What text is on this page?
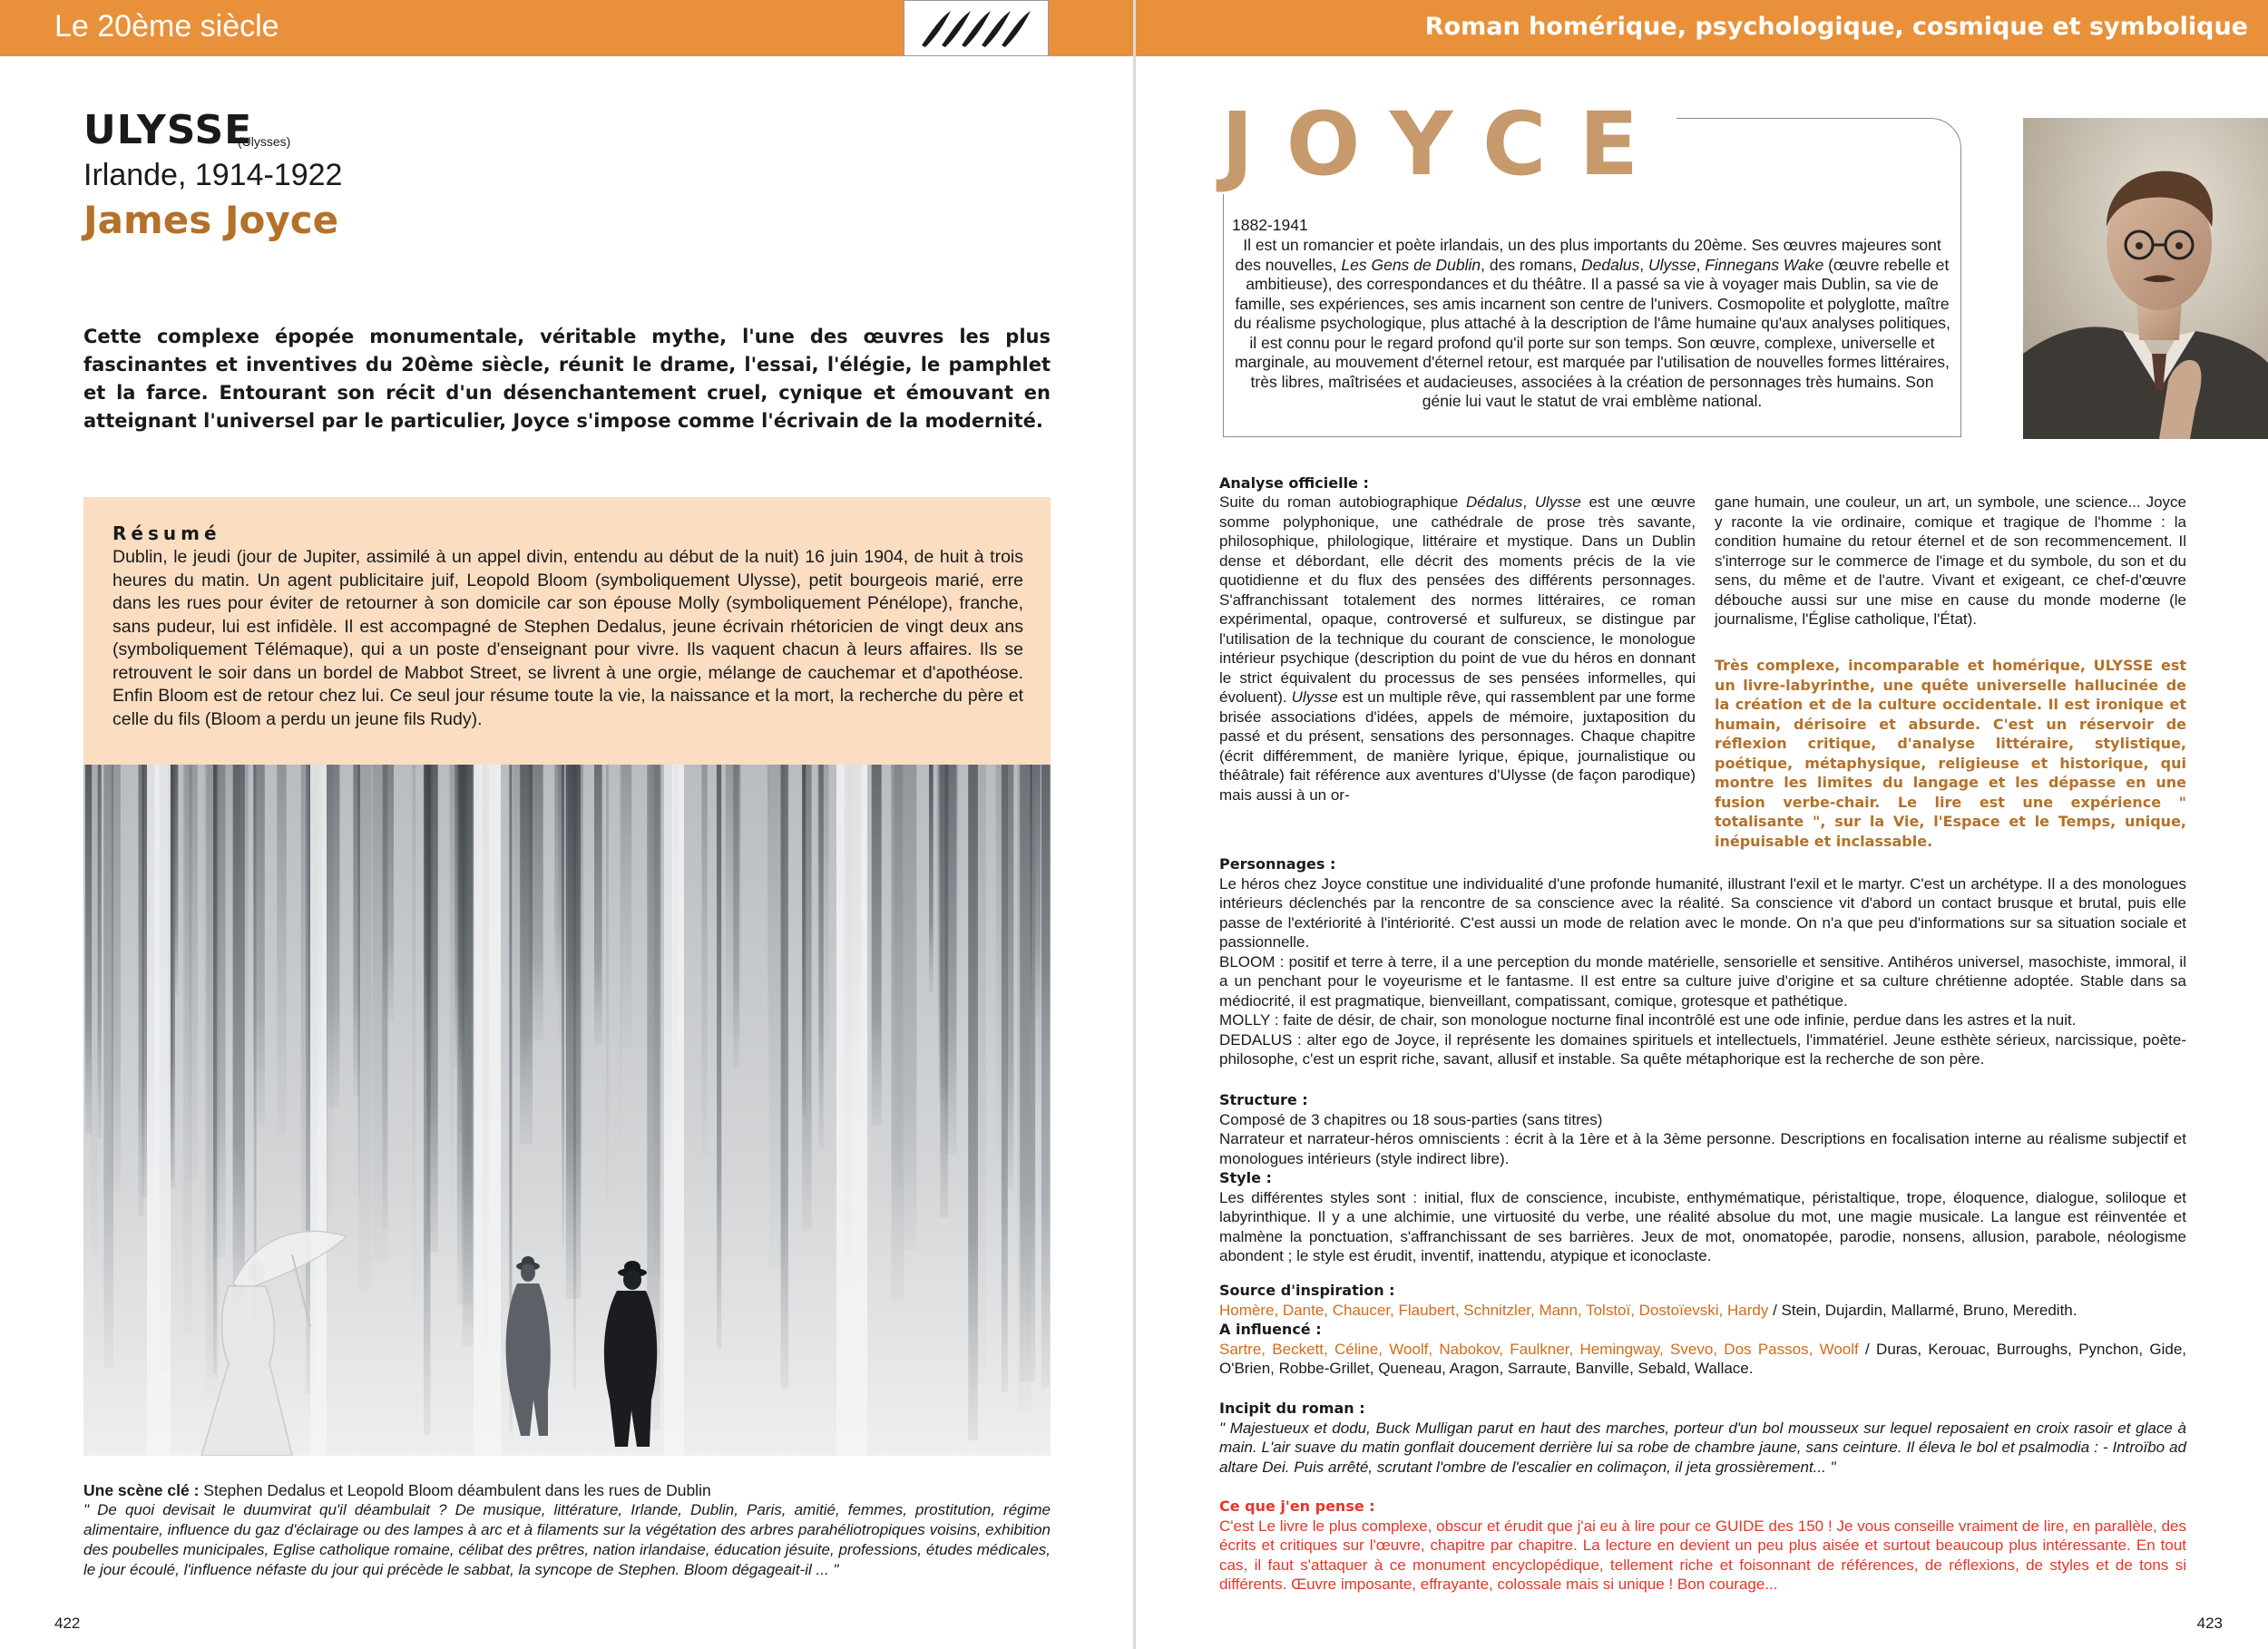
Le 20ème siècle
ULYSSE
(Ulysses)
Irlande, 1914-1922
James Joyce

Cette complexe épopée monumentale, véritable mythe, l'une des œuvres les plus fascinantes et inventives du 20ème siècle, réunit le drame, l'essai, l'élégie, le pamphlet et la farce. Entourant son récit d'un désenchantement cruel, cynique et émouvant en atteignant l'universel par le particulier, Joyce s'impose comme l'écrivain de la modernité.

Résumé

Dublin, le jeudi (jour de Jupiter, assimilé à un appel divin, entendu au début de la nuit) 16 juin 1904, de huit à trois heures du matin. Un agent publicitaire juif, Leopold Bloom (symboliquement Ulysse), petit bourgeois marié, erre dans les rues pour éviter de retourner à son domicile car son épouse Molly (symboliquement Pénélope), franche, sans pudeur, lui est infidèle. Il est accompagné de Stephen Dedalus, jeune écrivain rhétoricien de vingt deux ans (symboliquement Télémaque), qui a un poste d'enseignant pour vivre. Ils vaquent chacun à leurs affaires. Ils se retrouvent le soir dans un bordel de Mabbot Street, se livrent à une orgie, mélange de cauchemar et d'apothéose. Enfin Bloom est de retour chez lui. Ce seul jour résume toute la vie, la naissance et la mort, la recherche du père et celle du fils (Bloom a perdu un jeune fils Rudy).

Une scène clé : Stephen Dedalus et Leopold Bloom déambulent dans les rues de Dublin

" De quoi devisait le duumvirat qu'il déambulait ? De musique, littérature, Irlande, Dublin, Paris, amitié, femmes, prostitution, régime alimentaire, influence du gaz d'éclairage ou des lampes à arc et à filaments sur la végétation des arbres parahéliotropiques voisins, exhibition des poubelles municipales, Eglise catholique romaine, célibat des prêtres, nation irlandaise, éducation jésuite, professions, études médicales, le jour écoulé, l'influence néfaste du jour qui précède le sabbat, la syncope de Stephen. Bloom dégageait-il ... "

422
Roman homérique, psychologique, cosmique et symbolique
JOYCE
1882-1941

Il est un romancier et poète irlandais, un des plus importants du 20ème. Ses œuvres majeures sont des nouvelles, Les Gens de Dublin, des romans, Dedalus, Ulysse, Finnegans Wake (œuvre rebelle et ambitieuse), des correspondances et du théâtre. Il a passé sa vie à voyager mais Dublin, sa vie de famille, ses expériences, ses amis incarnent son centre de l'univers. Cosmopolite et polyglotte, maître du réalisme psychologique, plus attaché à la description de l'âme humaine qu'aux analyses politiques, il est connu pour le regard profond qu'il porte sur son temps. Son œuvre, complexe, universelle et marginale, au mouvement d'éternel retour, est marquée par l'utilisation de nouvelles formes littéraires, très libres, maîtrisées et audacieuses, associées à la création de personnages très humains. Son génie lui vaut le statut de vrai emblème national.

Analyse officielle :

Suite du roman autobiographique Dédalus, Ulysse est une œuvre somme polyphonique, une cathédrale de prose très savante, philosophique, philologique, littéraire et mystique. Dans un Dublin dense et débordant, elle décrit des moments précis de la vie quotidienne et du flux des pensées des différents personnages. S'affranchissant totalement des normes littéraires, ce roman expérimental, opaque, controversé et sulfureux, se distingue par l'utilisation de la technique du courant de conscience, le monologue intérieur psychique (description du point de vue du héros en donnant le strict équivalent du processus de ses pensées informelles, qui évoluent). Ulysse est un multiple rêve, qui rassemblent par une forme brisée associations d'idées, appels de mémoire, juxtaposition du passé et du présent, sensations des personnages. Chaque chapitre (écrit différemment, de manière lyrique, épique, journalistique ou théâtrale) fait référence aux aventures d'Ulysse (de façon parodique) mais aussi à un or-

gane humain, une couleur, un art, un symbole, une science... Joyce y raconte la vie ordinaire, comique et tragique de l'homme : la condition humaine du retour éternel et de son recommencement. Il s'interroge sur le commerce de l'image et du symbole, du son et du sens, du même et de l'autre. Vivant et exigeant, ce chef-d'œuvre débouche aussi sur une mise en cause du monde moderne (le journalisme, l'Église catholique, l'État).

Très complexe, incomparable et homérique, ULYSSE est un livre-labyrinthe, une quête universelle hallucinée de la création et de la culture occidentale. Il est ironique et humain, dérisoire et absurde. C'est un réservoir de réflexion critique, d'analyse littéraire, stylistique, poétique, métaphysique, religieuse et historique, qui montre les limites du langage et les dépasse en une fusion verbe-chair. Le lire est une expérience " totalisante ", sur la Vie, l'Espace et le Temps, unique, inépuisable et inclassable.

Personnages :

Le héros chez Joyce constitue une individualité d'une profonde humanité, illustrant l'exil et le martyr. C'est un archétype. Il a des monologues intérieurs déclenchés par la rencontre de sa conscience avec la réalité. Sa conscience vit d'abord un contact brusque et brutal, puis elle passe de l'extériorité à l'intériorité. C'est aussi un mode de relation avec le monde. On n'a que peu d'informations sur sa situation sociale et passionnelle.

BLOOM : positif et terre à terre, il a une perception du monde matérielle, sensorielle et sensitive. Antihéros universel, masochiste, immoral, il a un penchant pour le voyeurisme et le fantasme. Il est entre sa culture juive d'origine et sa culture chrétienne adoptée. Stable dans sa médiocrité, il est pragmatique, bienveillant, compatissant, comique, grotesque et pathétique.

MOLLY : faite de désir, de chair, son monologue nocturne final incontrôlé est une ode infinie, perdue dans les astres et la nuit.

DEDALUS : alter ego de Joyce, il représente les domaines spirituels et intellectuels, l'immatériel. Jeune esthète sérieux, narcissique, poète-philosophe, c'est un esprit riche, savant, allusif et instable. Sa quête métaphorique est la recherche de son père.

Structure :

Composé de 3 chapitres ou 18 sous-parties (sans titres)

Narrateur et narrateur-héros omniscients : écrit à la 1ère et à la 3ème personne. Descriptions en focalisation interne au réalisme subjectif et monologues intérieurs (style indirect libre).

Style :

Les différentes styles sont : initial, flux de conscience, incubiste, enthymématique, péristaltique, trope, éloquence, dialogue, soliloque et labyrinthique. Il y a une alchimie, une virtuosité du verbe, une réalité absolue du mot, une magie musicale. La langue est réinventée et malmène la ponctuation, s'affranchissant de ses barrières. Jeux de mot, onomatopée, parodie, nonsens, allusion, parabole, néologisme abondent ; le style est érudit, inventif, inattendu, atypique et iconoclaste.

Source d'inspiration :

Homère, Dante, Chaucer, Flaubert, Schnitzler, Mann, Tolstoï, Dostoïevski, Hardy / Stein, Dujardin, Mallarmé, Bruno, Meredith.

A influencé :

Sartre, Beckett, Céline, Woolf, Nabokov, Faulkner, Hemingway, Svevo, Dos Passos, Woolf / Duras, Kerouac, Burroughs, Pynchon, Gide, O'Brien, Robbe-Grillet, Queneau, Aragon, Sarraute, Banville, Sebald, Wallace.

Incipit du roman :

" Majestueux et dodu, Buck Mulligan parut en haut des marches, porteur d'un bol mousseux sur lequel reposaient en croix rasoir et glace à main. L'air suave du matin gonflait doucement derrière lui sa robe de chambre jaune, sans ceinture. Il éleva le bol et psalmodia : - Introïbo ad altare Dei. Puis arrêté, scrutant l'ombre de l'escalier en colimaçon, il jeta grossièrement... "

Ce que j'en pense :

C'est Le livre le plus complexe, obscur et érudit que j'ai eu à lire pour ce GUIDE des 150 ! Je vous conseille vraiment de lire, en parallèle, des écrits et critiques sur l'œuvre, chapitre par chapitre. La lecture en devient un peu plus aisée et surtout beaucoup plus intéressante. En tout cas, il faut s'attaquer à ce monument encyclopédique, tellement riche et foisonnant de références, de réflexions, de styles et de tons si différents. Œuvre imposante, effrayante, colossale mais si unique ! Bon courage...

423
